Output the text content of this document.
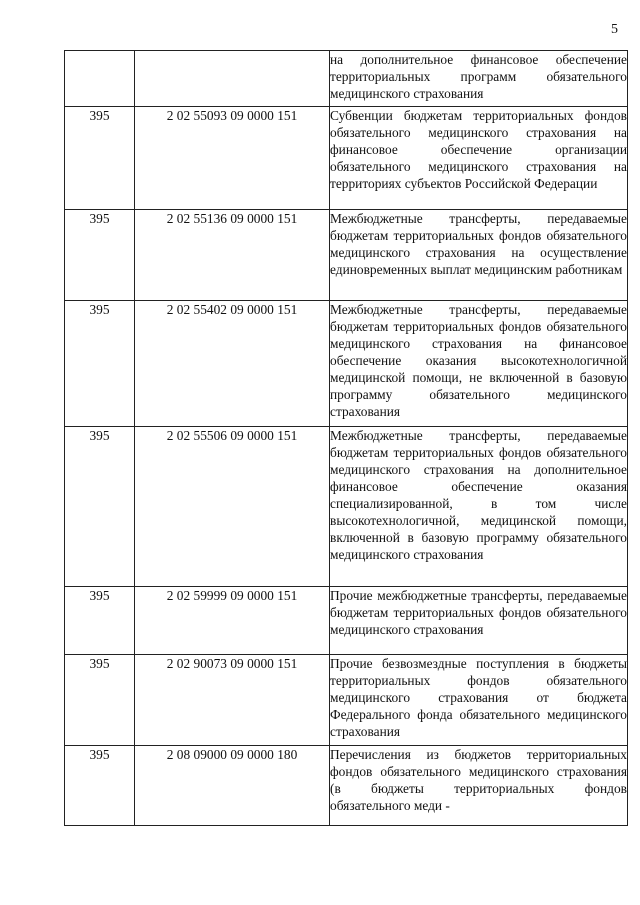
5
		на дополнительное финансовое обеспечение территориальных программ обязательного медицинского страхования
395	2 02 55093 09 0000 151	Субвенции бюджетам территориальных фондов обязательного медицинского страхования на финансовое обеспечение организации обязательного медицинского страхования на территориях субъектов Российской Федерации
395	2 02 55136 09 0000 151	Межбюджетные трансферты, передаваемые бюджетам территориальных фондов обязательного медицинского страхования на осуществление единовременных выплат медицинским работникам
395	2 02 55402 09 0000 151	Межбюджетные трансферты, передаваемые бюджетам территориальных фондов обязательного медицинского страхования на финансовое обеспечение оказания высокотехнологичной медицинской помощи, не включенной в базовую программу обязательного медицинского страхования
395	2 02 55506 09 0000 151	Межбюджетные трансферты, передаваемые бюджетам территориальных фондов обязательного медицинского страхования на дополнительное финансовое обеспечение оказания специализированной, в том числе высокотехнологичной, медицинской помощи, включенной в базовую программу обязательного медицинского страхования
395	2 02 59999 09 0000 151	Прочие межбюджетные трансферты, передаваемые бюджетам территориальных фондов обязательного медицинского страхования
395	2 02 90073 09 0000 151	Прочие безвозмездные поступления в бюджеты территориальных фондов обязательного медицинского страхования от бюджета Федерального фонда обязательного медицинского страхования
395	2 08 09000 09 0000 180	Перечисления из бюджетов территориальных фондов обязательного медицинского страхования (в бюджеты территориальных фондов обязательного меди -
